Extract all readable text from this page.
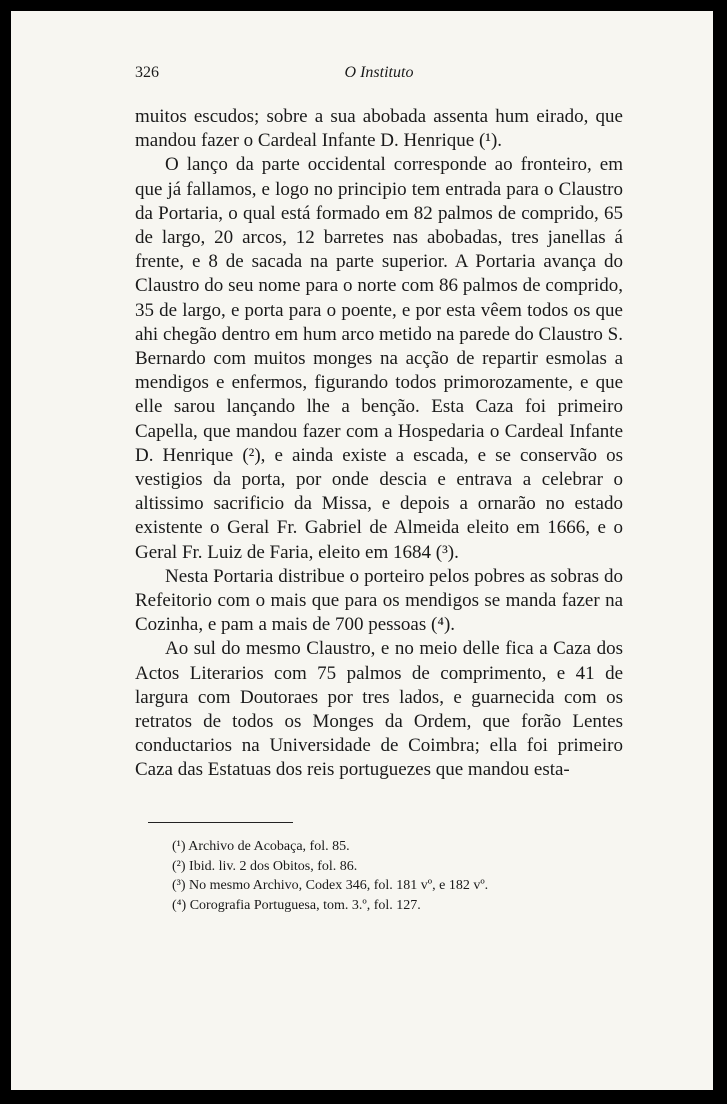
326	O Instituto

muitos escudos; sobre a sua abobada assenta hum eirado, que mandou fazer o Cardeal Infante D. Henrique (¹).

O lanço da parte occidental corresponde ao fronteiro, em que já fallamos, e logo no principio tem entrada para o Claustro da Portaria, o qual está formado em 82 palmos de comprido, 65 de largo, 20 arcos, 12 barretes nas abobadas, tres janellas á frente, e 8 de sacada na parte superior. A Portaria avança do Claustro do seu nome para o norte com 86 palmos de comprido, 35 de largo, e porta para o poente, e por esta vêem todos os que ahi chegão dentro em hum arco metido na parede do Claustro S. Bernardo com muitos monges na acção de repartir esmolas a mendigos e enfermos, figurando todos primorozamente, e que elle sarou lançando lhe a benção. Esta Caza foi primeiro Capella, que mandou fazer com a Hospedaria o Cardeal Infante D. Henrique (²), e ainda existe a escada, e se conservão os vestigios da porta, por onde descia e entrava a celebrar o altissimo sacrificio da Missa, e depois a ornarão no estado existente o Geral Fr. Gabriel de Almeida eleito em 1666, e o Geral Fr. Luiz de Faria, eleito em 1684 (³).

Nesta Portaria distribue o porteiro pelos pobres as sobras do Refeitorio com o mais que para os mendigos se manda fazer na Cozinha, e pam a mais de 700 pessoas (⁴).

Ao sul do mesmo Claustro, e no meio delle fica a Caza dos Actos Literarios com 75 palmos de comprimento, e 41 de largura com Doutoraes por tres lados, e guarnecida com os retratos de todos os Monges da Ordem, que forão Lentes conductarios na Universidade de Coimbra; ella foi primeiro Caza das Estatuas dos reis portuguezes que mandou esta-

(¹) Archivo de Acobaça, fol. 85.
(²) Ibid. liv. 2 dos Obitos, fol. 86.
(³) No mesmo Archivo, Codex 346, fol. 181 vº, e 182 vº.
(⁴) Corografia Portuguesa, tom. 3.º, fol. 127.
